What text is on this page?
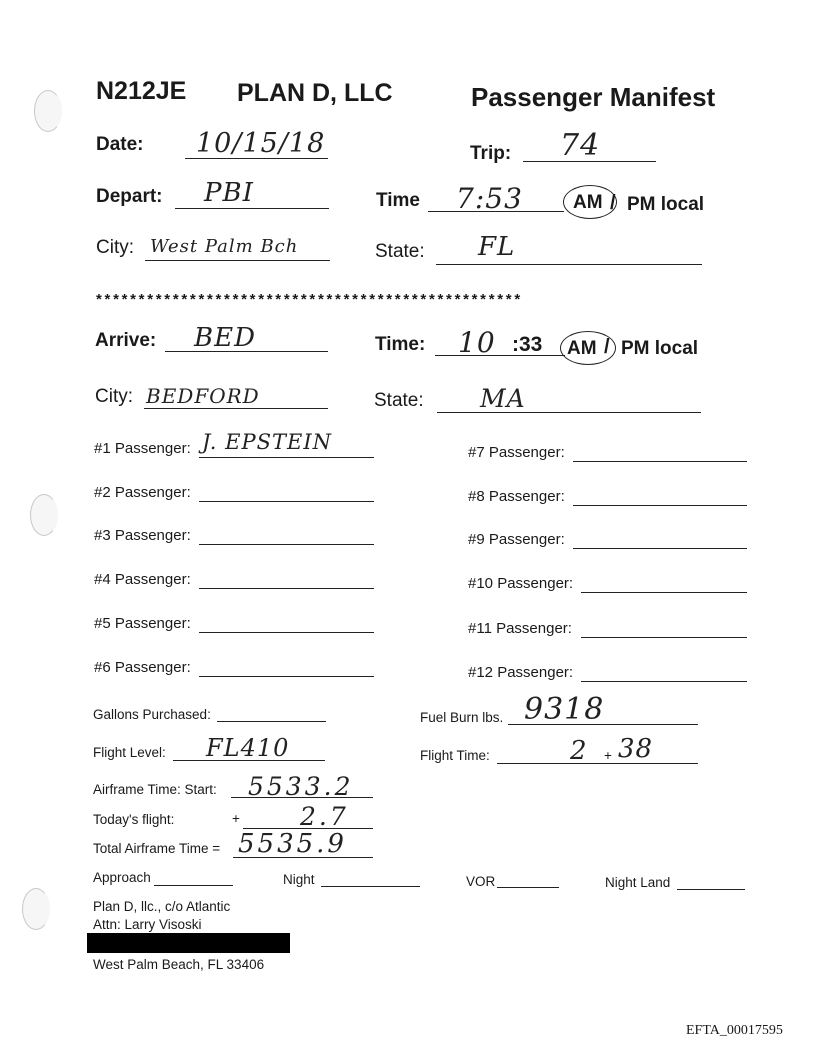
N212JE PLAN D, LLC	Passenger Manifest
Date: 10/15/18	Trip: 74
Depart: PBI	Time 7:53	AM / PM local
City: West Palm Bch	State: FL
**************************************************
Arrive: BED	Time: 10 :33 AM / PM local
City: BEDFORD	State: MA
#1 Passenger: J. EPSTEIN
#2 Passenger:
#3 Passenger:
#4 Passenger:
#5 Passenger:
#6 Passenger:
#7 Passenger:
#8 Passenger:
#9 Passenger:
#10 Passenger:
#11 Passenger:
#12 Passenger:
Gallons Purchased:	Fuel Burn lbs. 9318
Flight Level: FL410	Flight Time:	2 + 38
Airframe Time: Start: 5533.2
Today's flight:	+ 2.7
Total Airframe Time = 5535.9
Approach	Night	VOR	Night Land
Plan D, llc., c/o Atlantic
Attn: Larry Visoski
West Palm Beach, FL 33406
EFTA_00017595
